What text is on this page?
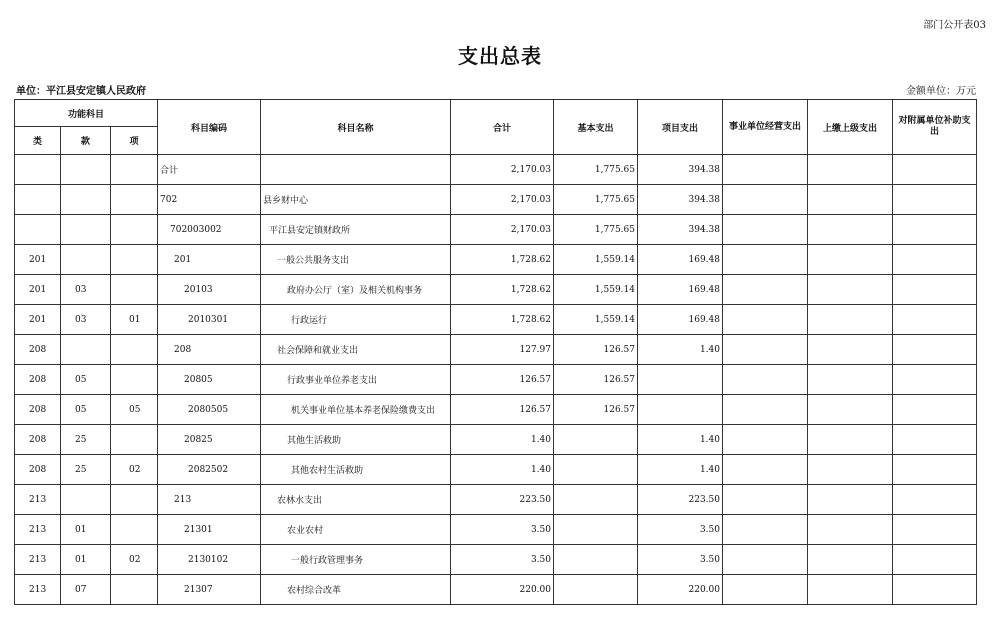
部门公开表03
支出总表
单位：平江县安定镇人民政府	金额单位：万元
功能科目			科目编码	科目名称	合计	基本支出	项目支出	事业单位经营支出	上缴上级支出	对附属单位补助支出
类	款	项								
			合计		2,170.03	1,775.65	394.38			
			702	县乡财中心	2,170.03	1,775.65	394.38			
			702003002	平江县安定镇财政所	2,170.03	1,775.65	394.38			
201			201	一般公共服务支出	1,728.62	1,559.14	169.48			
201	03		20103	政府办公厅（室）及相关机构事务	1,728.62	1,559.14	169.48			
201	03	01	2010301	行政运行	1,728.62	1,559.14	169.48			
208			208	社会保障和就业支出	127.97	126.57	1.40			
208	05		20805	行政事业单位养老支出	126.57	126.57				
208	05	05	2080505	机关事业单位基本养老保险缴费支出	126.57	126.57				
208	25		20825	其他生活救助	1.40		1.40			
208	25	02	2082502	其他农村生活救助	1.40		1.40			
213			213	农林水支出	223.50		223.50			
213	01		21301	农业农村	3.50		3.50			
213	01	02	2130102	一般行政管理事务	3.50		3.50			
213	07		21307	农村综合改革	220.00		220.00			
